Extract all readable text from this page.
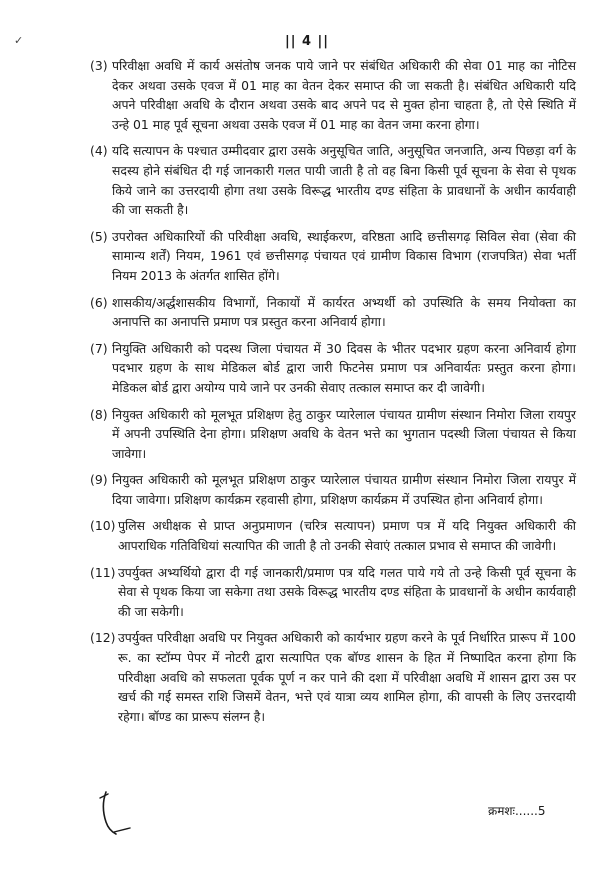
✓	|| 4 ||
(3) परिवीक्षा अवधि में कार्य असंतोष जनक पाये जाने पर संबंधित अधिकारी की सेवा 01 माह का नोटिस देकर अथवा उसके एवज में 01 माह का वेतन देकर समाप्त की जा सकती है। संबंधित अधिकारी यदि अपने परिवीक्षा अवधि के दौरान अथवा उसके बाद अपने पद से मुक्त होना चाहता है, तो ऐसे स्थिति में उन्हे 01 माह पूर्व सूचना अथवा उसके एवज में 01 माह का वेतन जमा करना होगा।
(4) यदि सत्यापन के पश्चात उम्मीदवार द्वारा उसके अनुसूचित जाति, अनुसूचित जनजाति, अन्य पिछड़ा वर्ग के सदस्य होने संबंधित दी गई जानकारी गलत पायी जाती है तो वह बिना किसी पूर्व सूचना के सेवा से पृथक किये जाने का उत्तरदायी होगा तथा उसके विरूद्ध भारतीय दण्ड संहिता के प्रावधानों के अधीन कार्यवाही की जा सकती है।
(5) उपरोक्त अधिकारियों की परिवीक्षा अवधि, स्थाईकरण, वरिष्ठता आदि छत्तीसगढ़ सिविल सेवा (सेवा की सामान्य शर्तें) नियम, 1961 एवं छत्तीसगढ़ पंचायत एवं ग्रामीण विकास विभाग (राजपत्रित) सेवा भर्ती नियम 2013 के अंतर्गत शासित होंगे।
(6) शासकीय/अर्द्धशासकीय विभागों, निकायों में कार्यरत अभ्यर्थी को उपस्थिति के समय नियोक्ता का अनापत्ति का अनापत्ति प्रमाण पत्र प्रस्तुत करना अनिवार्य होगा।
(7) नियुक्ति अधिकारी को पदस्थ जिला पंचायत में 30 दिवस के भीतर पदभार ग्रहण करना अनिवार्य होगा पदभार ग्रहण के साथ मेडिकल बोर्ड द्वारा जारी फिटनेस प्रमाण पत्र अनिवार्यतः प्रस्तुत करना होगा। मेडिकल बोर्ड द्वारा अयोग्य पाये जाने पर उनकी सेवाए तत्काल समाप्त कर दी जावेगी।
(8) नियुक्त अधिकारी को मूलभूत प्रशिक्षण हेतु ठाकुर प्यारेलाल पंचायत ग्रामीण संस्थान निमोरा जिला रायपुर में अपनी उपस्थिति देना होगा। प्रशिक्षण अवधि के वेतन भत्ते का भुगतान पदस्थी जिला पंचायत से किया जावेगा।
(9) नियुक्त अधिकारी को मूलभूत प्रशिक्षण ठाकुर प्यारेलाल पंचायत ग्रामीण संस्थान निमोरा जिला रायपुर में दिया जावेगा। प्रशिक्षण कार्यक्रम रहवासी होगा, प्रशिक्षण कार्यक्रम में उपस्थित होना अनिवार्य होगा।
(10) पुलिस अधीक्षक से प्राप्त अनुप्रमाणन (चरित्र सत्यापन) प्रमाण पत्र में यदि नियुक्त अधिकारी की आपराधिक गतिविधियां सत्यापित की जाती है तो उनकी सेवाएं तत्काल प्रभाव से समाप्त की जावेगी।
(11) उपर्युक्त अभ्यर्थियो द्वारा दी गई जानकारी/प्रमाण पत्र यदि गलत पाये गये तो उन्हे किसी पूर्व सूचना के सेवा से पृथक किया जा सकेगा तथा उसके विरूद्ध भारतीय दण्ड संहिता के प्रावधानों के अधीन कार्यवाही की जा सकेगी।
(12) उपर्युक्त परिवीक्षा अवधि पर नियुक्त अधिकारी को कार्यभार ग्रहण करने के पूर्व निर्धारित प्रारूप में 100 रू. का स्टॉम्प पेपर में नोटरी द्वारा सत्यापित एक बॉण्ड शासन के हित में निष्पादित करना होगा कि परिवीक्षा अवधि को सफलता पूर्वक पूर्ण न कर पाने की दशा में परिवीक्षा अवधि में शासन द्वारा उस पर खर्च की गई समस्त राशि जिसमें वेतन, भत्ते एवं यात्रा व्यय शामिल होगा, की वापसी के लिए उत्तरदायी रहेगा। बॉण्ड का प्रारूप संलग्न है।
क्रमशः......5
